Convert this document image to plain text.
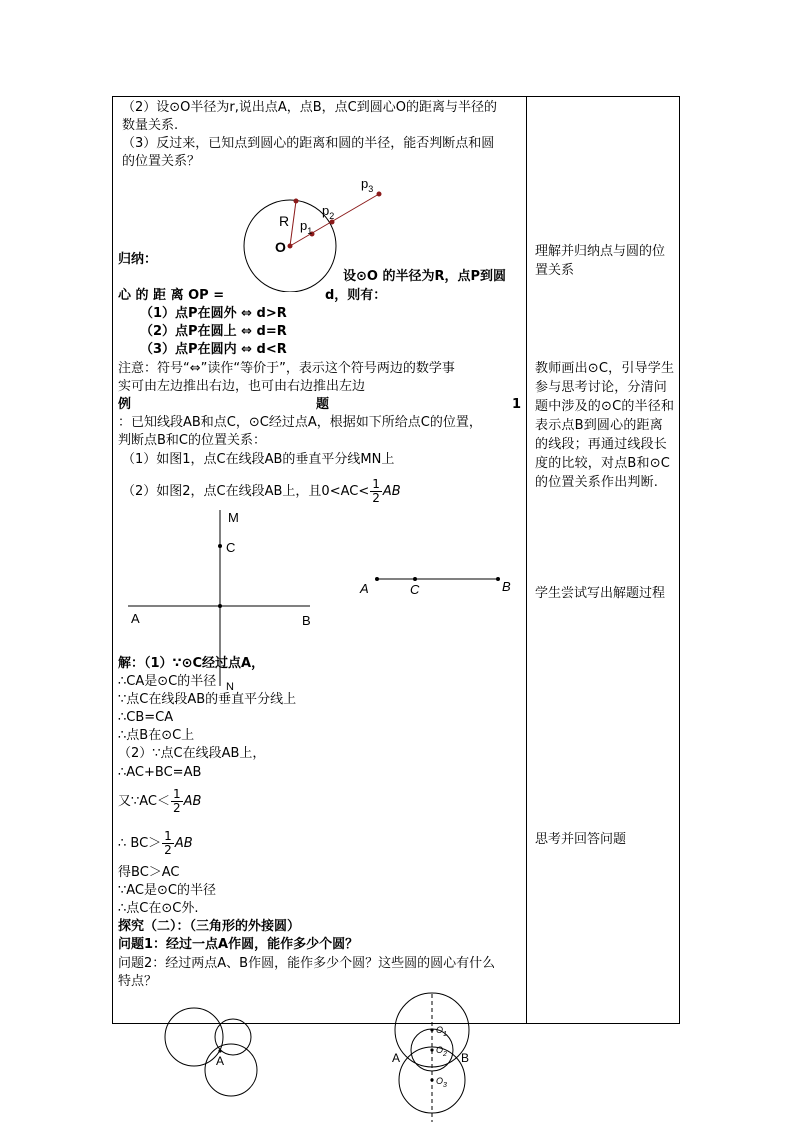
（2）设⊙O半径为r,说出点A，点B，点C到圆心O的距离与半径的
数量关系.
（3）反过来，已知点到圆心的距离和圆的半径，能否判断点和圆
的位置关系？
$p_3$
$p_2$
$p_1$
R
O
归纳：
设⊙O 的半径为R，点P到圆
心 的 距 离 OP =	d，则有：
（1）点P在圆外 ⇔ d>R
（2）点P在圆上 ⇔ d=R
（3）点P在圆内 ⇔ d<R
注意：符号“⇔”读作“等价于”，表示这个符号两边的数学事
实可由左边推出右边，也可由右边推出左边
例	题	1
：已知线段AB和点C，⊙C经过点A，根据如下所给点C的位置，
判断点B和C的位置关系：
（1）如图1，点C在线段AB的垂直平分线MN上
（2）如图2，点C在线段AB上，且$0<AC< \frac{1}{2}$ AB
M
C
A	B
N
A	C	B
解：（1）∵⊙C经过点A，
∴CA是⊙C的半径
∵点C在线段AB的垂直平分线上
∴CB=CA
∴点B在⊙C上
（2）∵点C在线段AB上，
∴AC+BC=AB
又∵AC＜ $\frac{1}{2}$ AB
∴ $BC> \frac{1}{2}$ AB
得BC＞AC
∵AC是⊙C的半径
∴点C在⊙C外.
探究（二）：（三角形的外接圆）
问题1：经过一点A作圆，能作多少个圆？
问题2：经过两点A、B作圆，能作多少个圆？这些圆的圆心有什么
特点？
A	A	B
$O_1$
$O_2$
$O_3$
理解并归纳点与圆的位置关系
教师画出⊙C，引导学生参与思考讨论，分清问题中涉及的⊙C的半径和表示点B到圆心的距离的线段；再通过线段长度的比较，对点B和⊙C的位置关系作出判断.
学生尝试写出解题过程
思考并回答问题
